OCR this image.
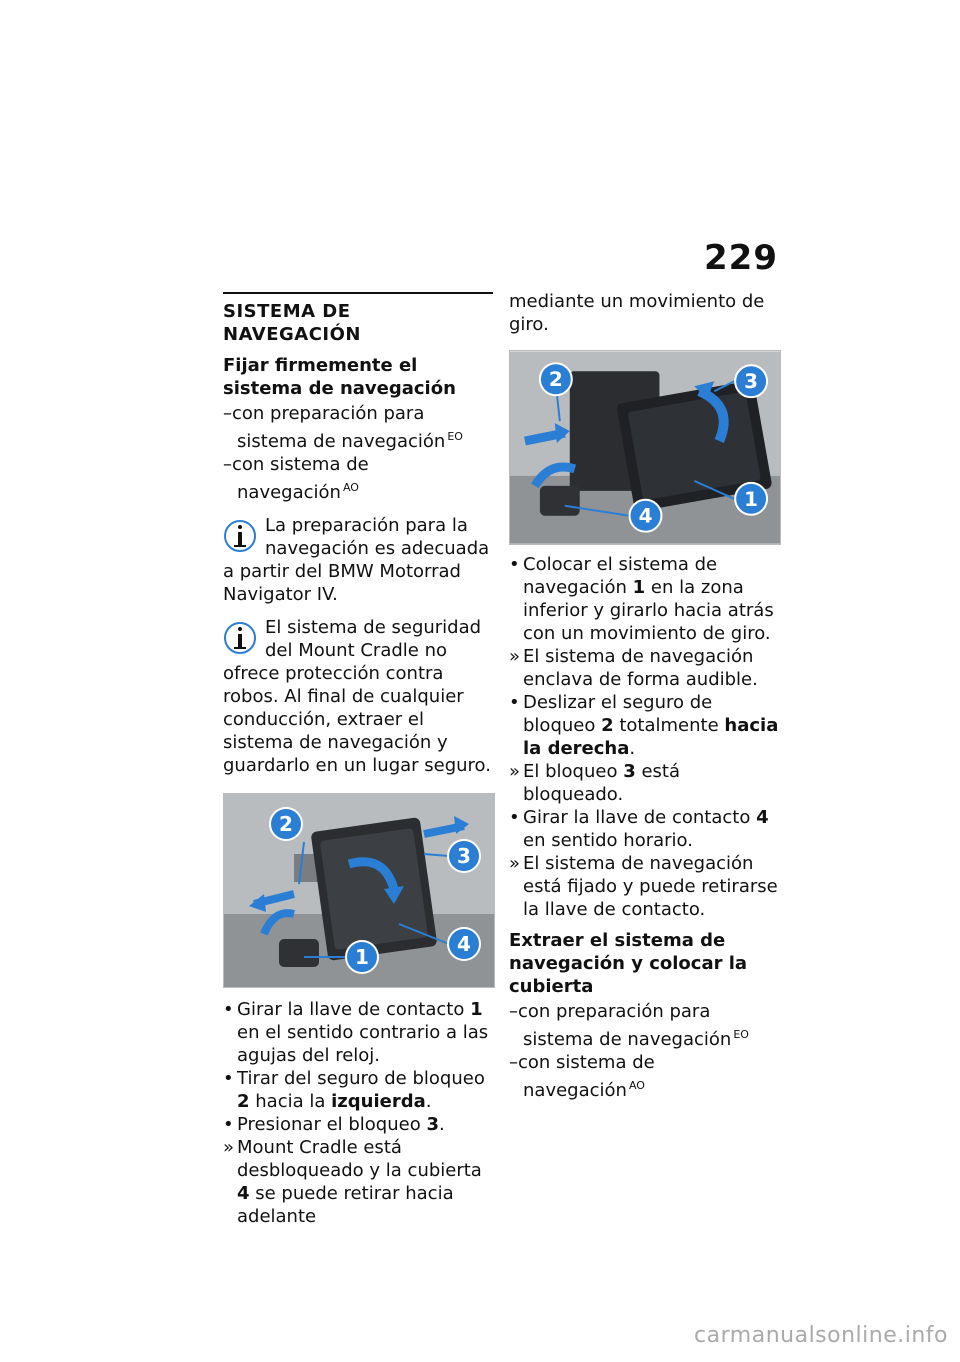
229
SISTEMA DE NAVEGACIÓN
Fijar firmemente el sistema de navegación
–con preparación para sistema de navegación $^{EO}$
–con sistema de navegación $^{AO}$

La preparación para la navegación es adecuada a partir del BMW Motorrad Navigator IV.

El sistema de seguridad del Mount Cradle no ofrece protección contra robos. Al final de cualquier conducción, extraer el sistema de navegación y guardarlo en un lugar seguro.

2
3
4
1
• Girar la llave de contacto 1 en el sentido contrario a las agujas del reloj.
• Tirar del seguro de bloqueo 2 hacia la izquierda.
• Presionar el bloqueo 3.
» Mount Cradle está desbloqueado y la cubierta 4 se puede retirar hacia adelante

mediante un movimiento de giro.

2	3
1
4
• Colocar el sistema de navegación 1 en la zona inferior y girarlo hacia atrás con un movimiento de giro.
» El sistema de navegación enclava de forma audible.
• Deslizar el seguro de bloqueo 2 totalmente hacia la derecha.
» El bloqueo 3 está bloqueado.
• Girar la llave de contacto 4 en sentido horario.
» El sistema de navegación está fijado y puede retirarse la llave de contacto.
Extraer el sistema de navegación y colocar la cubierta
–con preparación para sistema de navegación $^{EO}$
–con sistema de navegación $^{AO}$
carmanualsonline.info
